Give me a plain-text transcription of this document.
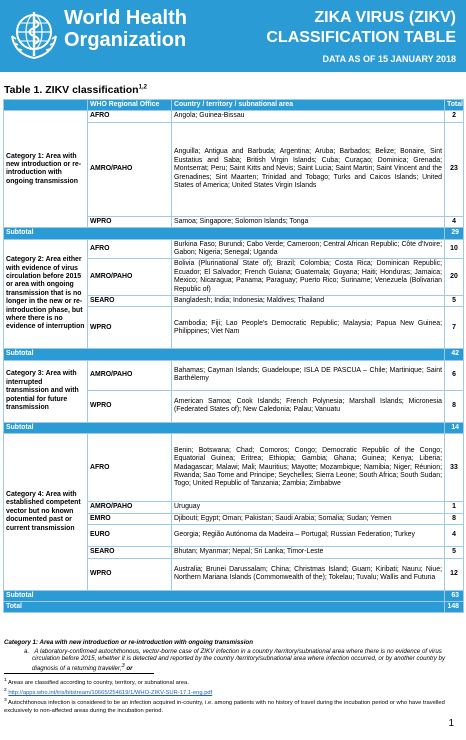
World Health
Organization
ZIKA VIRUS (ZIKV)
CLASSIFICATION TABLE
DATA AS OF 15 JANUARY 2018
Table 1. ZIKV classification$^{1,2}$
	WHO Regional Office	Country / territory / subnational area	Total
Category 1: Area with new introduction or re-introduction with ongoing transmission	AFRO	Angola; Guinea-Bissau	2
	AMRO/PAHO	Anguilla; Antigua and Barbuda; Argentina; Aruba; Barbados; Belize; Bonaire, Sint Eustatius and Saba; British Virgin Islands; Cuba; Curaçao; Dominica; Grenada; Montserrat; Peru; Saint Kitts and Nevis; Saint Lucia; Saint Martin; Saint Vincent and the Grenadines; Sint Maarten; Trinidad and Tobago; Turks and Caicos Islands; United States of America; United States Virgin Islands	23
	WPRO	Samoa; Singapore; Solomon Islands; Tonga	4
Subtotal			29
Category 2: Area either with evidence of virus circulation before 2015 or area with ongoing transmission that is no longer in the new or re-introduction phase, but where there is no evidence of interruption	AFRO	Burkina Faso; Burundi; Cabo Verde; Cameroon; Central African Republic; Côte d'Ivoire; Gabon; Nigeria; Senegal; Uganda	10
	AMRO/PAHO	Bolivia (Plurinational State of); Brazil; Colombia; Costa Rica; Dominican Republic; Ecuador; El Salvador; French Guiana; Guatemala; Guyana; Haiti; Honduras; Jamaica; Mexico; Nicaragua; Panama; Paraguay; Puerto Rico; Suriname; Venezuela (Bolivarian Republic of)	20
	SEARO	Bangladesh; India; Indonesia; Maldives; Thailand	5
	WPRO	Cambodia; Fiji; Lao People's Democratic Republic; Malaysia; Papua New Guinea; Philippines; Viet Nam	7
Subtotal			42
Category 3: Area with interrupted transmission and with potential for future transmission	AMRO/PAHO	Bahamas; Cayman Islands; Guadeloupe; ISLA DE PASCUA – Chile; Martinique; Saint Barthélemy	6
	WPRO	American Samoa; Cook Islands; French Polynesia; Marshall Islands; Micronesia (Federated States of); New Caledonia; Palau; Vanuatu	8
Subtotal			14
Category 4: Area with established competent vector but no known documented past or current transmission	AFRO	Benin; Botswana; Chad; Comoros; Congo; Democratic Republic of the Congo; Equatorial Guinea; Eritrea; Ethiopia; Gambia; Ghana; Guinea; Kenya; Liberia; Madagascar; Malawi; Mali; Mauritius; Mayotte; Mozambique; Namibia; Niger; Réunion; Rwanda; Sao Tome and Principe; Seychelles; Sierra Leone; South Africa; South Sudan; Togo; United Republic of Tanzania; Zambia; Zimbabwe	33
	AMRO/PAHO	Uruguay	1
	EMRO	Djibouti; Egypt; Oman; Pakistan; Saudi Arabia; Somalia; Sudan; Yemen	8
	EURO	Georgia; Região Autónoma da Madeira – Portugal; Russian Federation; Turkey	4
	SEARO	Bhutan; Myanmar; Nepal; Sri Lanka; Timor-Leste	5
	WPRO	Australia; Brunei Darussalam; China; Christmas Island; Guam; Kiribati; Nauru; Niue; Northern Mariana Islands (Commonwealth of the); Tokelau; Tuvalu; Wallis and Futuna	12
Subtotal			63
Total			148
Category 1: Area with new introduction or re-introduction with ongoing transmission
a. A laboratory-confirmed autochthonous, vector-borne case of ZIKV infection in a country /territory/subnational area where there is no evidence of virus circulation before 2015, whether it is detected and reported by the country /territory/subnational area where infection occurred, or by another country by diagnosis of a returning traveller;$^3$ or
$^1$ Areas are classified according to country, territory, or subnational area.
$^2$ http://apps.who.int/iris/bitstream/10665/254619/1/WHO-ZIKV-SUR-17.1-eng.pdf
$^3$ Autochthonous infection is considered to be an infection acquired in-country, i.e. among patients with no history of travel during the incubation period or who have travelled exclusively to non-affected areas during the incubation period.
1
